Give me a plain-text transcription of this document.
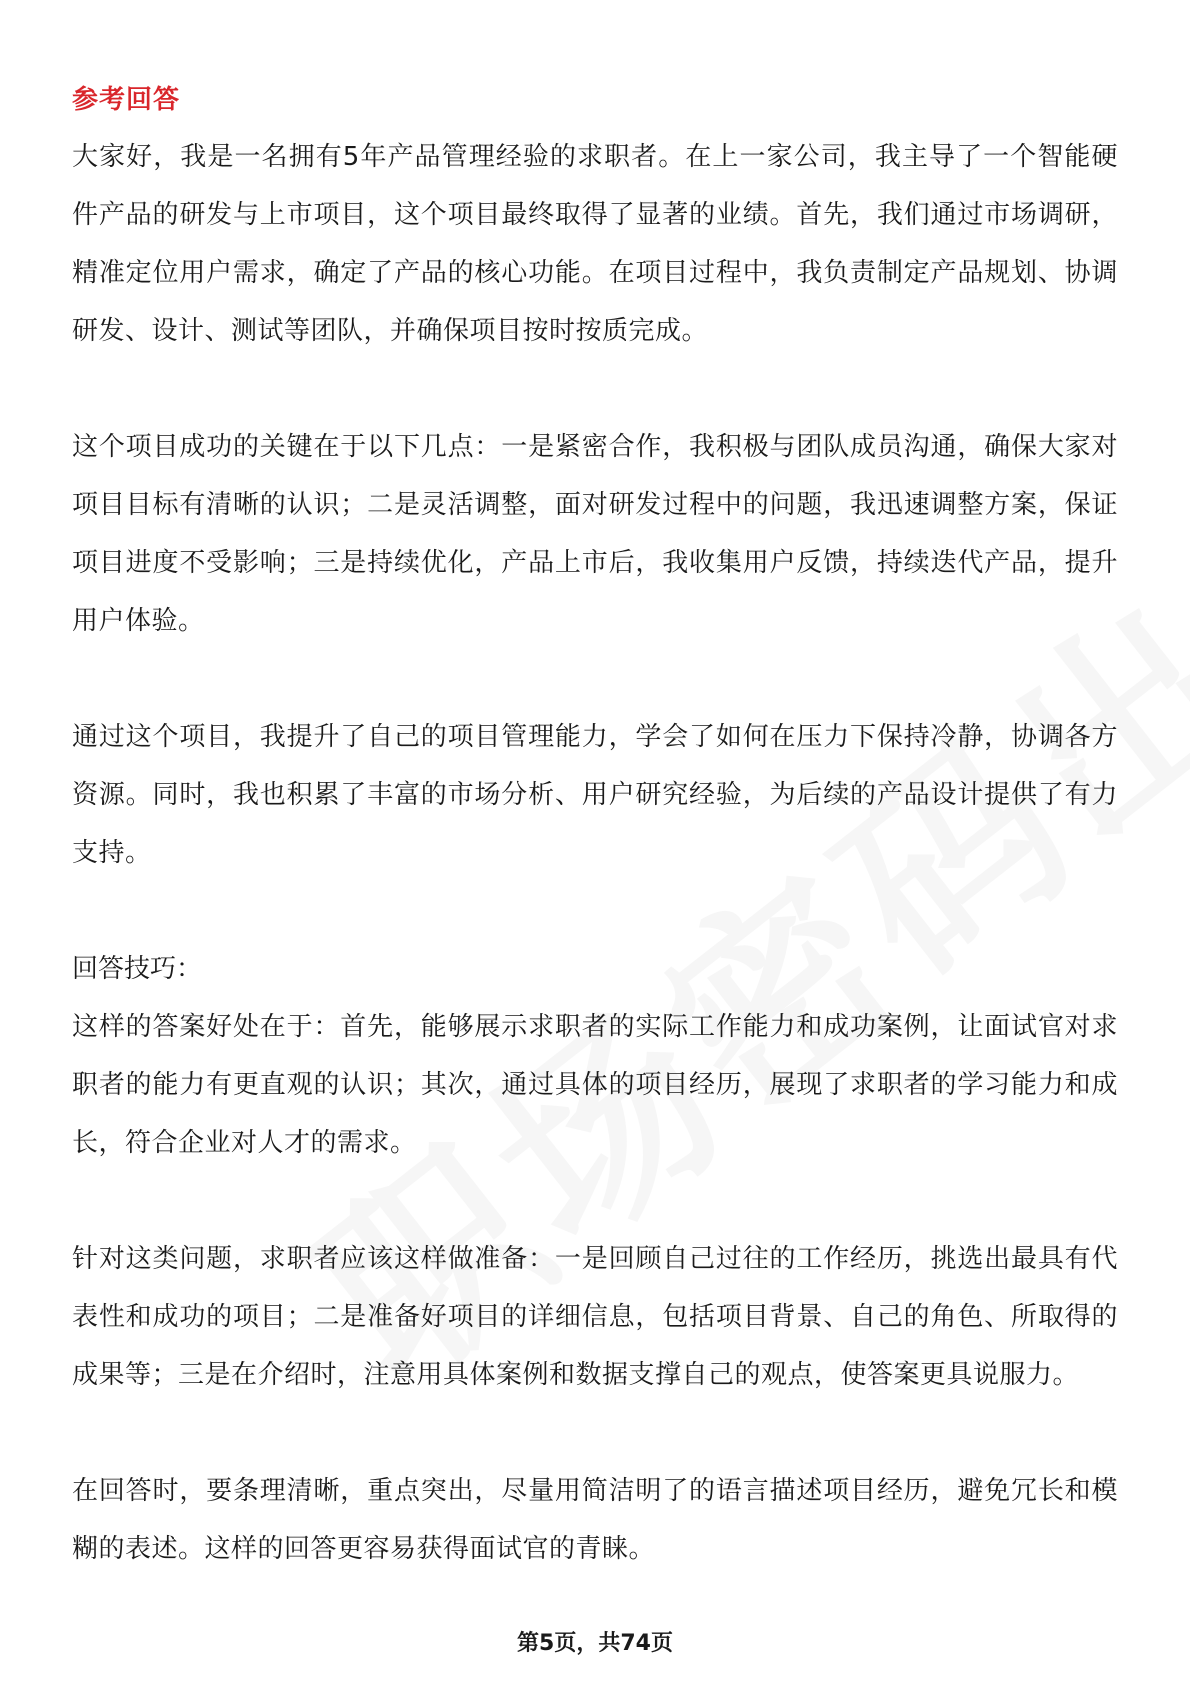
参考回答

大家好，我是一名拥有5年产品管理经验的求职者。在上一家公司，我主导了一个智能硬件产品的研发与上市项目，这个项目最终取得了显著的业绩。首先，我们通过市场调研，精准定位用户需求，确定了产品的核心功能。在项目过程中，我负责制定产品规划、协调研发、设计、测试等团队，并确保项目按时按质完成。

这个项目成功的关键在于以下几点：一是紧密合作，我积极与团队成员沟通，确保大家对项目目标有清晰的认识；二是灵活调整，面对研发过程中的问题，我迅速调整方案，保证项目进度不受影响；三是持续优化，产品上市后，我收集用户反馈，持续迭代产品，提升用户体验。

通过这个项目，我提升了自己的项目管理能力，学会了如何在压力下保持冷静，协调各方资源。同时，我也积累了丰富的市场分析、用户研究经验，为后续的产品设计提供了有力支持。

回答技巧：

这样的答案好处在于：首先，能够展示求职者的实际工作能力和成功案例，让面试官对求职者的能力有更直观的认识；其次，通过具体的项目经历，展现了求职者的学习能力和成长，符合企业对人才的需求。

针对这类问题，求职者应该这样做准备：一是回顾自己过往的工作经历，挑选出最具有代表性和成功的项目；二是准备好项目的详细信息，包括项目背景、自己的角色、所取得的成果等；三是在介绍时，注意用具体案例和数据支撑自己的观点，使答案更具说服力。

在回答时，要条理清晰，重点突出，尽量用简洁明了的语言描述项目经历，避免冗长和模糊的表述。这样的回答更容易获得面试官的青睐。

第5页，共74页
